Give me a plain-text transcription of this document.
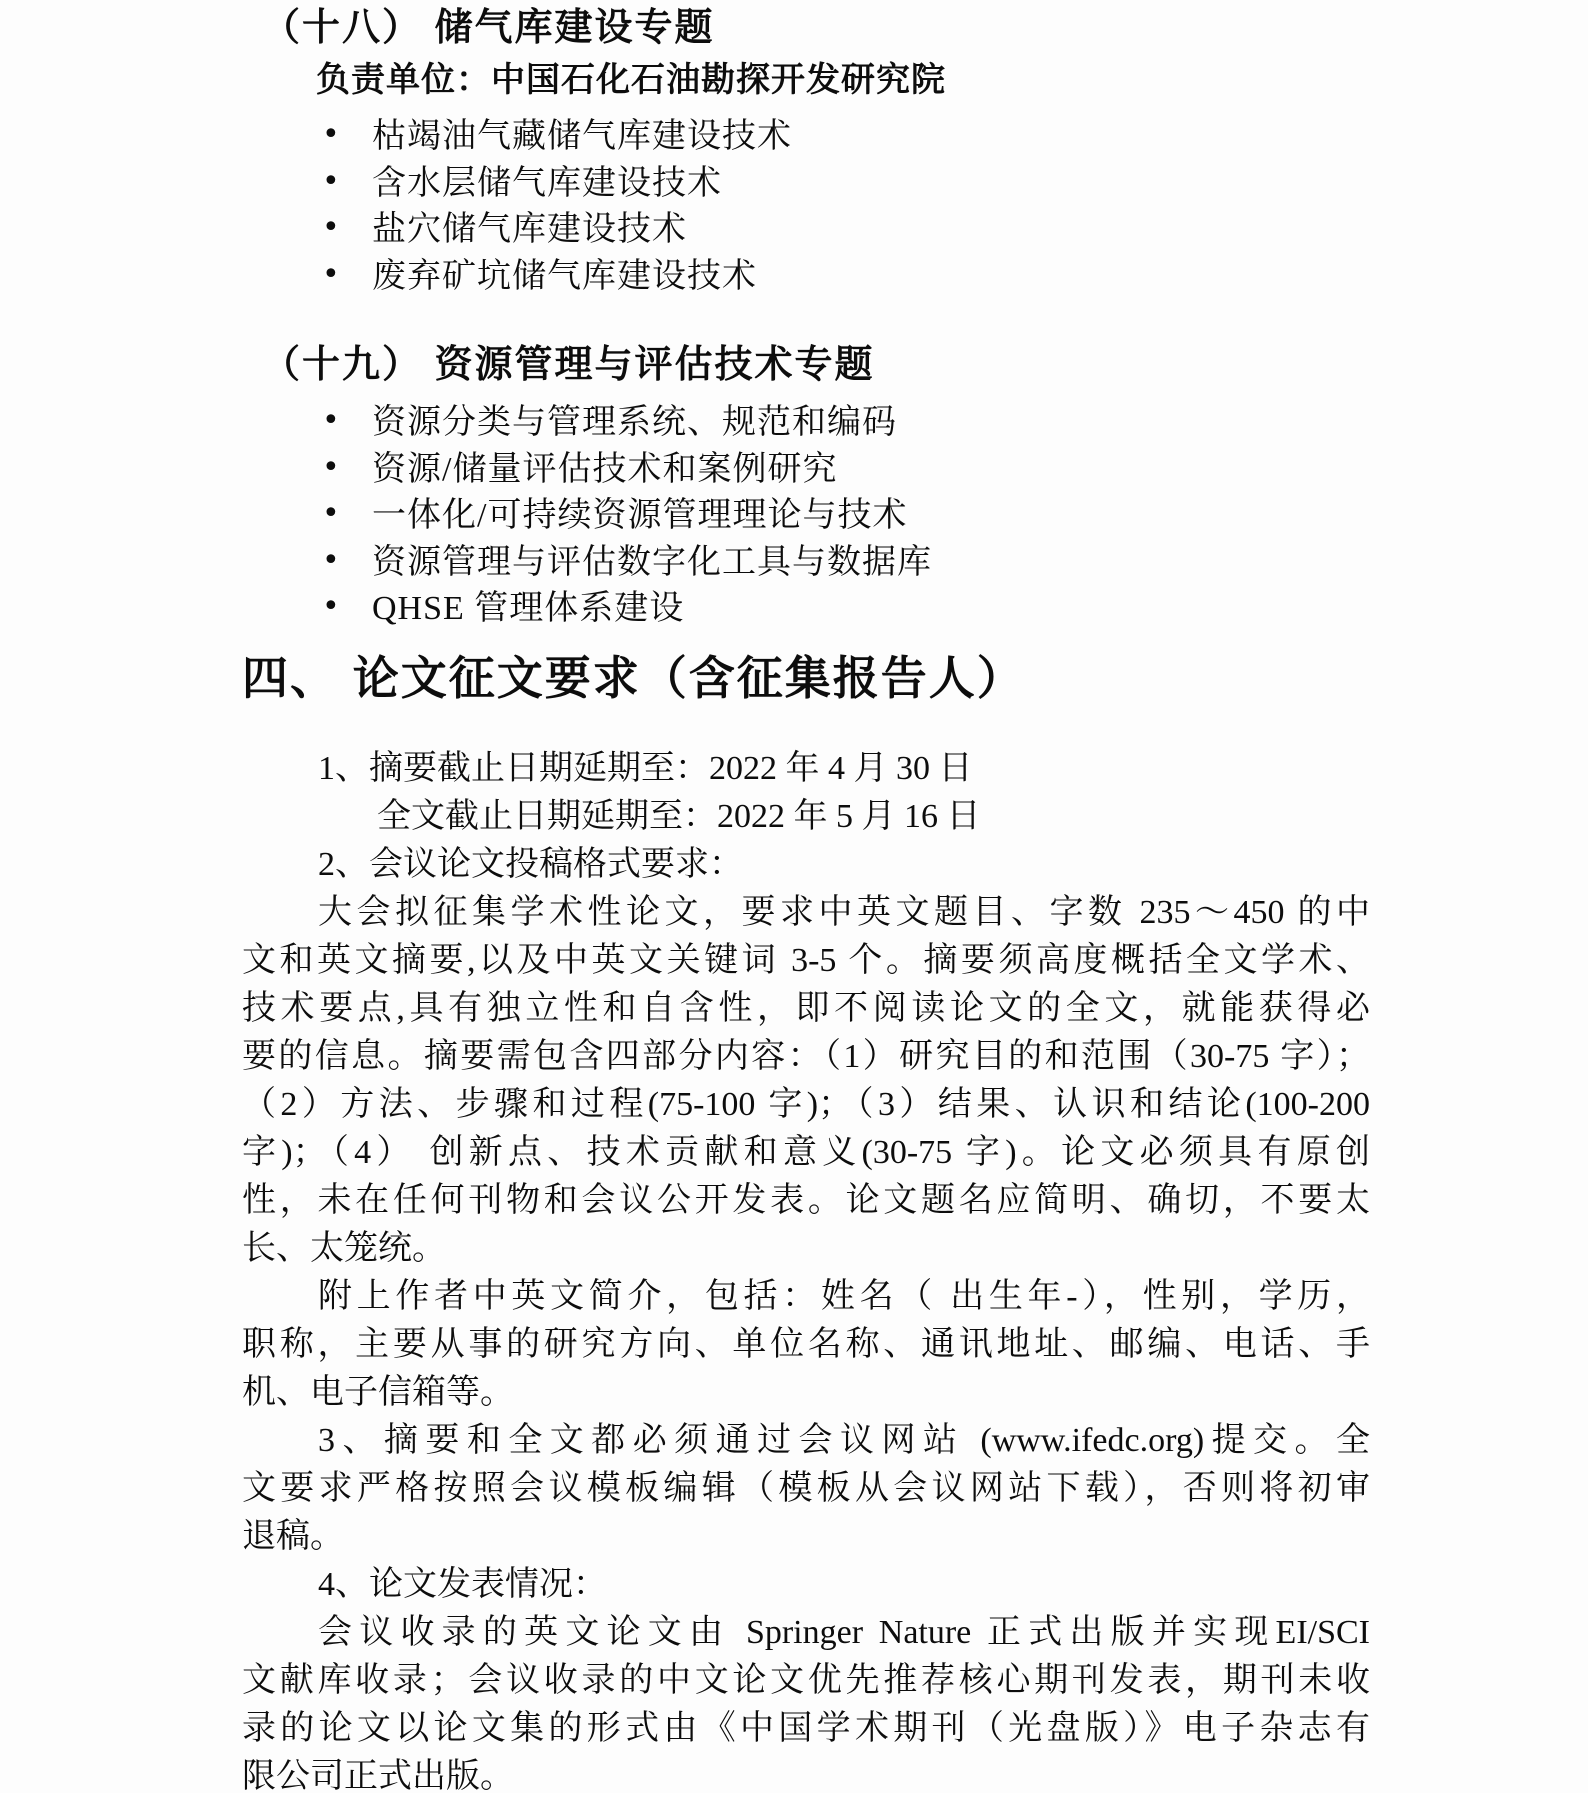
（十八） 储气库建设专题
负责单位：中国石化石油勘探开发研究院
• 枯竭油气藏储气库建设技术
• 含水层储气库建设技术
• 盐穴储气库建设技术
• 废弃矿坑储气库建设技术
（十九） 资源管理与评估技术专题
• 资源分类与管理系统、规范和编码
• 资源/储量评估技术和案例研究
• 一体化/可持续资源管理理论与技术
• 资源管理与评估数字化工具与数据库
• QHSE 管理体系建设
四、 论文征文要求（含征集报告人）
1、摘要截止日期延期至：2022 年 4 月 30 日
全文截止日期延期至：2022 年 5 月 16 日
2、会议论文投稿格式要求：
大会拟征集学术性论文，要求中英文题目、字数 235～450 的中
文和英文摘要,以及中英文关键词 3-5 个。摘要须高度概括全文学术、
技术要点,具有独立性和自含性，即不阅读论文的全文，就能获得必
要的信息。摘要需包含四部分内容：（1）研究目的和范围（30-75 字）；
（2）方法、步骤和过程(75-100 字)；（3）结果、认识和结论(100-200
字)；（4） 创新点、技术贡献和意义(30-75 字)。论文必须具有原创
性，未在任何刊物和会议公开发表。论文题名应简明、确切，不要太
长、太笼统。
附上作者中英文简介，包括：姓名（ 出生年-），性别，学历，
职称，主要从事的研究方向、单位名称、通讯地址、邮编、电话、手
机、电子信箱等。
3、摘要和全文都必须通过会议网站 (www.ifedc.org)提交。全
文要求严格按照会议模板编辑（模板从会议网站下载），否则将初审
退稿。
4、论文发表情况：
会议收录的英文论文由 Springer Nature 正式出版并实现EI/SCI
文献库收录；会议收录的中文论文优先推荐核心期刊发表，期刊未收
录的论文以论文集的形式由《中国学术期刊（光盘版）》电子杂志有
限公司正式出版。
